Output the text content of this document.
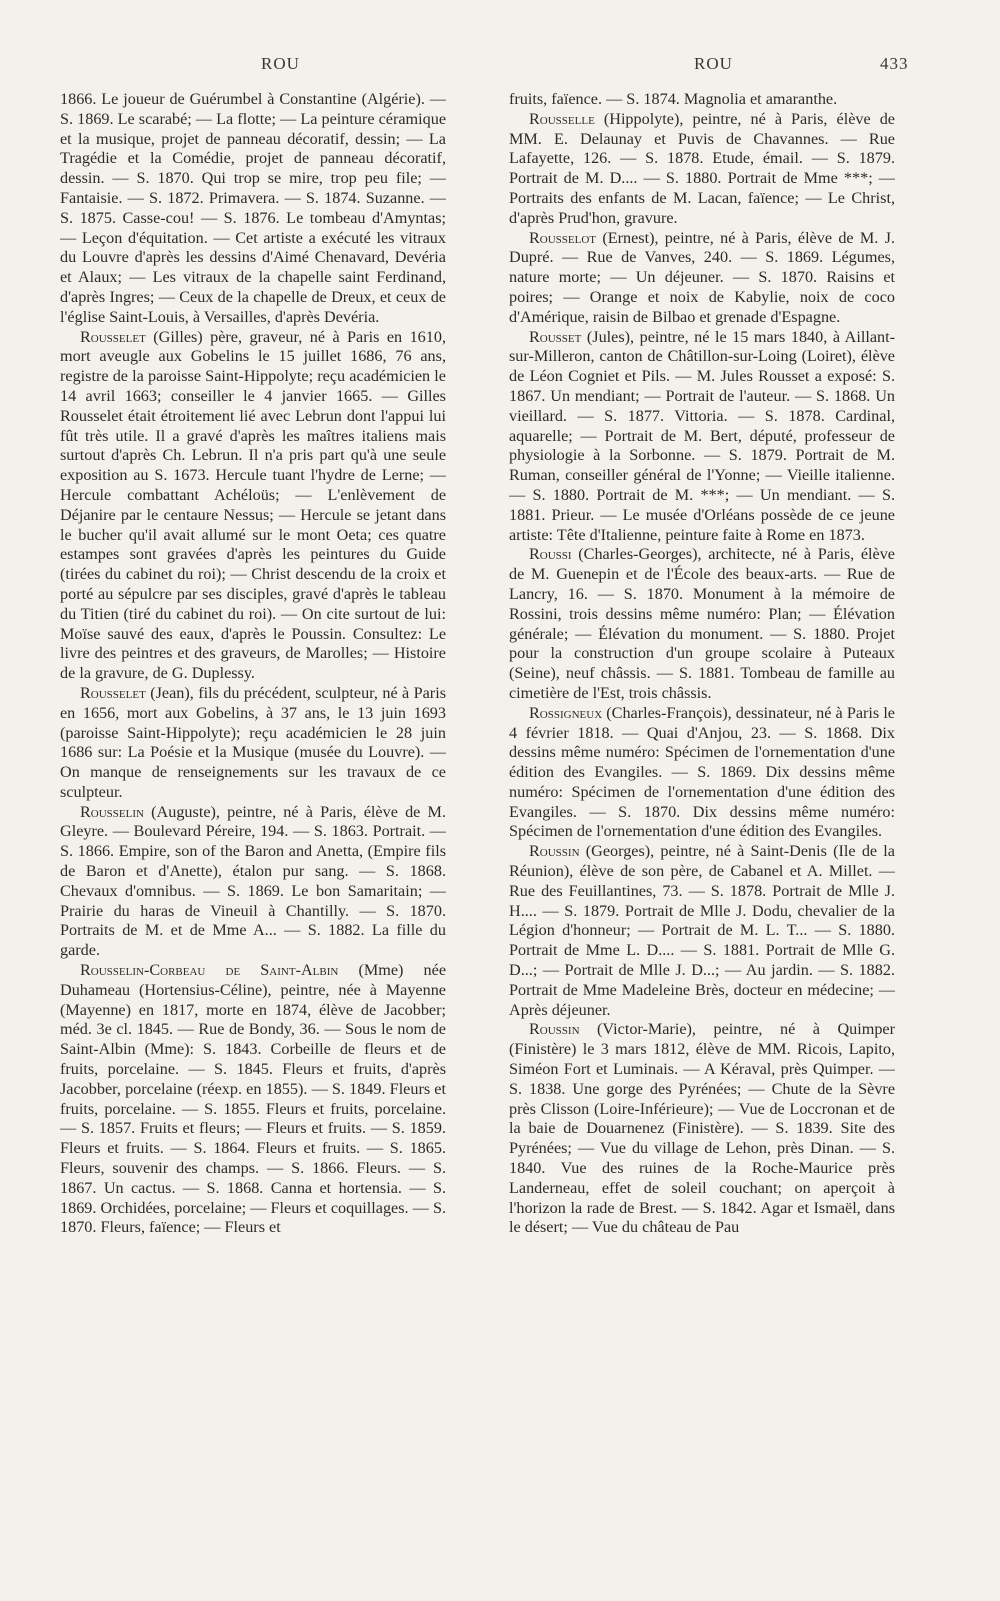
ROU	ROU	433

1866. Le joueur de Guérumbel à Constantine (Algérie). — S. 1869. Le scarabé; — La flotte; — La peinture céramique et la musique, projet de panneau décoratif, dessin; — La Tragédie et la Comédie, projet de panneau décoratif, dessin. — S. 1870. Qui trop se mire, trop peu file; — Fantaisie. — S. 1872. Primavera. — S. 1874. Suzanne. — S. 1875. Casse-cou! — S. 1876. Le tombeau d'Amyntas; — Leçon d'équitation. — Cet artiste a exécuté les vitraux du Louvre d'après les dessins d'Aimé Chenavard, Devéria et Alaux; — Les vitraux de la chapelle saint Ferdinand, d'après Ingres; — Ceux de la chapelle de Dreux, et ceux de l'église Saint-Louis, à Versailles, d'après Devéria.

Rousselet (Gilles) père, graveur, né à Paris en 1610, mort aveugle aux Gobelins le 15 juillet 1686, 76 ans, registre de la paroisse Saint-Hippolyte; reçu académicien le 14 avril 1663; conseiller le 4 janvier 1665. — Gilles Rousselet était étroitement lié avec Lebrun dont l'appui lui fût très utile. Il a gravé d'après les maîtres italiens mais surtout d'après Ch. Lebrun. Il n'a pris part qu'à une seule exposition au S. 1673. Hercule tuant l'hydre de Lerne; — Hercule combattant Achéloüs; — L'enlèvement de Déjanire par le centaure Nessus; — Hercule se jetant dans le bucher qu'il avait allumé sur le mont Oeta; ces quatre estampes sont gravées d'après les peintures du Guide (tirées du cabinet du roi); — Christ descendu de la croix et porté au sépulcre par ses disciples, gravé d'après le tableau du Titien (tiré du cabinet du roi). — On cite surtout de lui: Moïse sauvé des eaux, d'après le Poussin. Consultez: Le livre des peintres et des graveurs, de Marolles; — Histoire de la gravure, de G. Duplessy.

Rousselet (Jean), fils du précédent, sculpteur, né à Paris en 1656, mort aux Gobelins, à 37 ans, le 13 juin 1693 (paroisse Saint-Hippolyte); reçu académicien le 28 juin 1686 sur: La Poésie et la Musique (musée du Louvre). — On manque de renseignements sur les travaux de ce sculpteur.

Rousselin (Auguste), peintre, né à Paris, élève de M. Gleyre. — Boulevard Péreire, 194. — S. 1863. Portrait. — S. 1866. Empire, son of the Baron and Anetta, (Empire fils de Baron et d'Anette), étalon pur sang. — S. 1868. Chevaux d'omnibus. — S. 1869. Le bon Samaritain; — Prairie du haras de Vineuil à Chantilly. — S. 1870. Portraits de M. et de Mme A... — S. 1882. La fille du garde.

Rousselin-Corbeau de Saint-Albin (Mme) née Duhameau (Hortensius-Céline), peintre, née à Mayenne (Mayenne) en 1817, morte en 1874, élève de Jacobber; méd. 3e cl. 1845. — Rue de Bondy, 36. — Sous le nom de Saint-Albin (Mme): S. 1843. Corbeille de fleurs et de fruits, porcelaine. — S. 1845. Fleurs et fruits, d'après Jacobber, porcelaine (réexp. en 1855). — S. 1849. Fleurs et fruits, porcelaine. — S. 1855. Fleurs et fruits, porcelaine. — S. 1857. Fruits et fleurs; — Fleurs et fruits. — S. 1859. Fleurs et fruits. — S. 1864. Fleurs et fruits. — S. 1865. Fleurs, souvenir des champs. — S. 1866. Fleurs. — S. 1867. Un cactus. — S. 1868. Canna et hortensia. — S. 1869. Orchidées, porcelaine; — Fleurs et coquillages. — S. 1870. Fleurs, faïence; — Fleurs et

fruits, faïence. — S. 1874. Magnolia et amaranthe.

Rousselle (Hippolyte), peintre, né à Paris, élève de MM. E. Delaunay et Puvis de Chavannes. — Rue Lafayette, 126. — S. 1878. Etude, émail. — S. 1879. Portrait de M. D.... — S. 1880. Portrait de Mme ***; — Portraits des enfants de M. Lacan, faïence; — Le Christ, d'après Prud'hon, gravure.

Rousselot (Ernest), peintre, né à Paris, élève de M. J. Dupré. — Rue de Vanves, 240. — S. 1869. Légumes, nature morte; — Un déjeuner. — S. 1870. Raisins et poires; — Orange et noix de Kabylie, noix de coco d'Amérique, raisin de Bilbao et grenade d'Espagne.

Rousset (Jules), peintre, né le 15 mars 1840, à Aillant-sur-Milleron, canton de Châtillon-sur-Loing (Loiret), élève de Léon Cogniet et Pils. — M. Jules Rousset a exposé: S. 1867. Un mendiant; — Portrait de l'auteur. — S. 1868. Un vieillard. — S. 1877. Vittoria. — S. 1878. Cardinal, aquarelle; — Portrait de M. Bert, député, professeur de physiologie à la Sorbonne. — S. 1879. Portrait de M. Ruman, conseiller général de l'Yonne; — Vieille italienne. — S. 1880. Portrait de M. ***; — Un mendiant. — S. 1881. Prieur. — Le musée d'Orléans possède de ce jeune artiste: Tête d'Italienne, peinture faite à Rome en 1873.

Roussi (Charles-Georges), architecte, né à Paris, élève de M. Guenepin et de l'École des beaux-arts. — Rue de Lancry, 16. — S. 1870. Monument à la mémoire de Rossini, trois dessins même numéro: Plan; — Élévation générale; — Élévation du monument. — S. 1880. Projet pour la construction d'un groupe scolaire à Puteaux (Seine), neuf châssis. — S. 1881. Tombeau de famille au cimetière de l'Est, trois châssis.

Rossigneux (Charles-François), dessinateur, né à Paris le 4 février 1818. — Quai d'Anjou, 23. — S. 1868. Dix dessins même numéro: Spécimen de l'ornementation d'une édition des Evangiles. — S. 1869. Dix dessins même numéro: Spécimen de l'ornementation d'une édition des Evangiles. — S. 1870. Dix dessins même numéro: Spécimen de l'ornementation d'une édition des Evangiles.

Roussin (Georges), peintre, né à Saint-Denis (Ile de la Réunion), élève de son père, de Cabanel et A. Millet. — Rue des Feuillantines, 73. — S. 1878. Portrait de Mlle J. H.... — S. 1879. Portrait de Mlle J. Dodu, chevalier de la Légion d'honneur; — Portrait de M. L. T... — S. 1880. Portrait de Mme L. D.... — S. 1881. Portrait de Mlle G. D...; — Portrait de Mlle J. D...; — Au jardin. — S. 1882. Portrait de Mme Madeleine Brès, docteur en médecine; — Après déjeuner.

Roussin (Victor-Marie), peintre, né à Quimper (Finistère) le 3 mars 1812, élève de MM. Ricois, Lapito, Siméon Fort et Luminais. — A Kéraval, près Quimper. — S. 1838. Une gorge des Pyrénées; — Chute de la Sèvre près Clisson (Loire-Inférieure); — Vue de Loccronan et de la baie de Douarnenez (Finistère). — S. 1839. Site des Pyrénées; — Vue du village de Lehon, près Dinan. — S. 1840. Vue des ruines de la Roche-Maurice près Landerneau, effet de soleil couchant; on aperçoit à l'horizon la rade de Brest. — S. 1842. Agar et Ismaël, dans le désert; — Vue du château de Pau
